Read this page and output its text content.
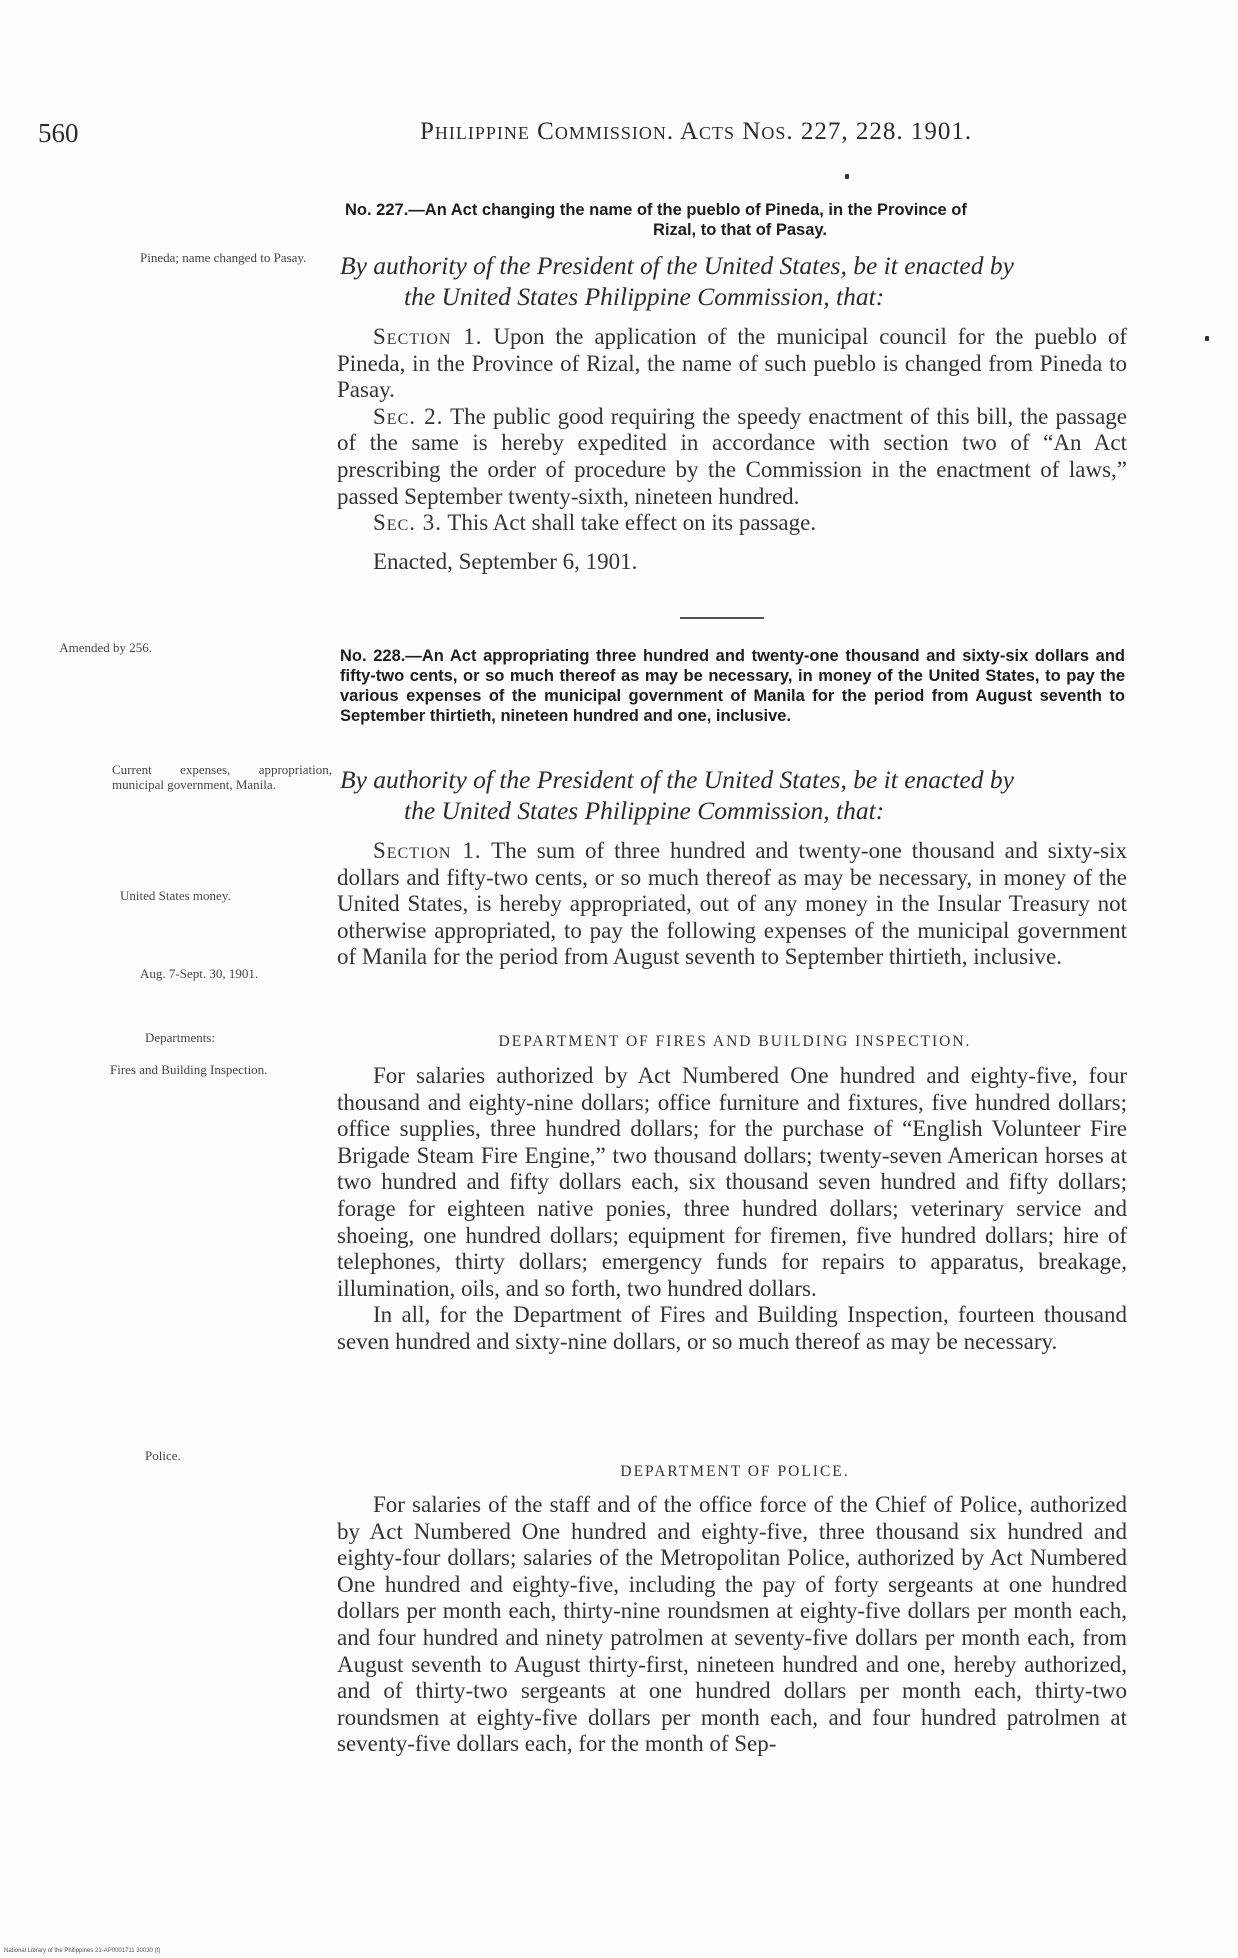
560	Philippine Commission. Acts Nos. 227, 228. 1901.
No. 227.—An Act changing the name of the pueblo of Pineda, in the Province of
Rizal, to that of Pasay.
Pineda; name changed to Pasay.	By authority of the President of the United States, be it enacted by
the United States Philippine Commission, that:

Section 1. Upon the application of the municipal council for the pueblo of Pineda, in the Province of Rizal, the name of such pueblo is changed from Pineda to Pasay.

Sec. 2. The public good requiring the speedy enactment of this bill, the passage of the same is hereby expedited in accordance with section two of “An Act prescribing the order of procedure by the Commission in the enactment of laws,” passed September twenty-sixth, nineteen hundred.

Sec. 3. This Act shall take effect on its passage.

Enacted, September 6, 1901.

Amended by 256.	No. 228.—An Act appropriating three hundred and twenty-one thousand and sixty-six dollars and fifty-two cents, or so much thereof as may be necessary, in money of the United States, to pay the various expenses of the municipal government of Manila for the period from August seventh to September thirtieth, nineteen hundred and one, inclusive.
Current expenses, appropriation, municipal government, Manila.	By authority of the President of the United States, be it enacted by
the United States Philippine Commission, that:

Section 1. The sum of three hundred and twenty-one thousand and sixty-six dollars and fifty-two cents, or so much thereof as may be necessary, in money of the United States, is hereby appropriated, out of any money in the Insular Treasury not otherwise appropriated, to pay the following expenses of the municipal government of Manila for the period from August seventh to September thirtieth, inclusive.

United States money.
Aug. 7-Sept. 30, 1901.
Departments:	DEPARTMENT OF FIRES AND BUILDING INSPECTION.
Fires and Building Inspection.	For salaries authorized by Act Numbered One hundred and eighty-five, four thousand and eighty-nine dollars; office furniture and fixtures, five hundred dollars; office supplies, three hundred dollars; for the purchase of “English Volunteer Fire Brigade Steam Fire Engine,” two thousand dollars; twenty-seven American horses at two hundred and fifty dollars each, six thousand seven hundred and fifty dollars; forage for eighteen native ponies, three hundred dollars; veterinary service and shoeing, one hundred dollars; equipment for firemen, five hundred dollars; hire of telephones, thirty dollars; emergency funds for repairs to apparatus, breakage, illumination, oils, and so forth, two hundred dollars.

In all, for the Department of Fires and Building Inspection, fourteen thousand seven hundred and sixty-nine dollars, or so much thereof as may be necessary.

Police.
DEPARTMENT OF POLICE.

For salaries of the staff and of the office force of the Chief of Police, authorized by Act Numbered One hundred and eighty-five, three thousand six hundred and eighty-four dollars; salaries of the Metropolitan Police, authorized by Act Numbered One hundred and eighty-five, including the pay of forty sergeants at one hundred dollars per month each, thirty-nine roundsmen at eighty-five dollars per month each, and four hundred and ninety patrolmen at seventy-five dollars per month each, from August seventh to August thirty-first, nineteen hundred and one, hereby authorized, and of thirty-two sergeants at one hundred dollars per month each, thirty-two roundsmen at eighty-five dollars per month each, and four hundred patrolmen at seventy-five dollars each, for the month of Sep-

National Library of the Philippines 21-AP0001711 30030 (t)
